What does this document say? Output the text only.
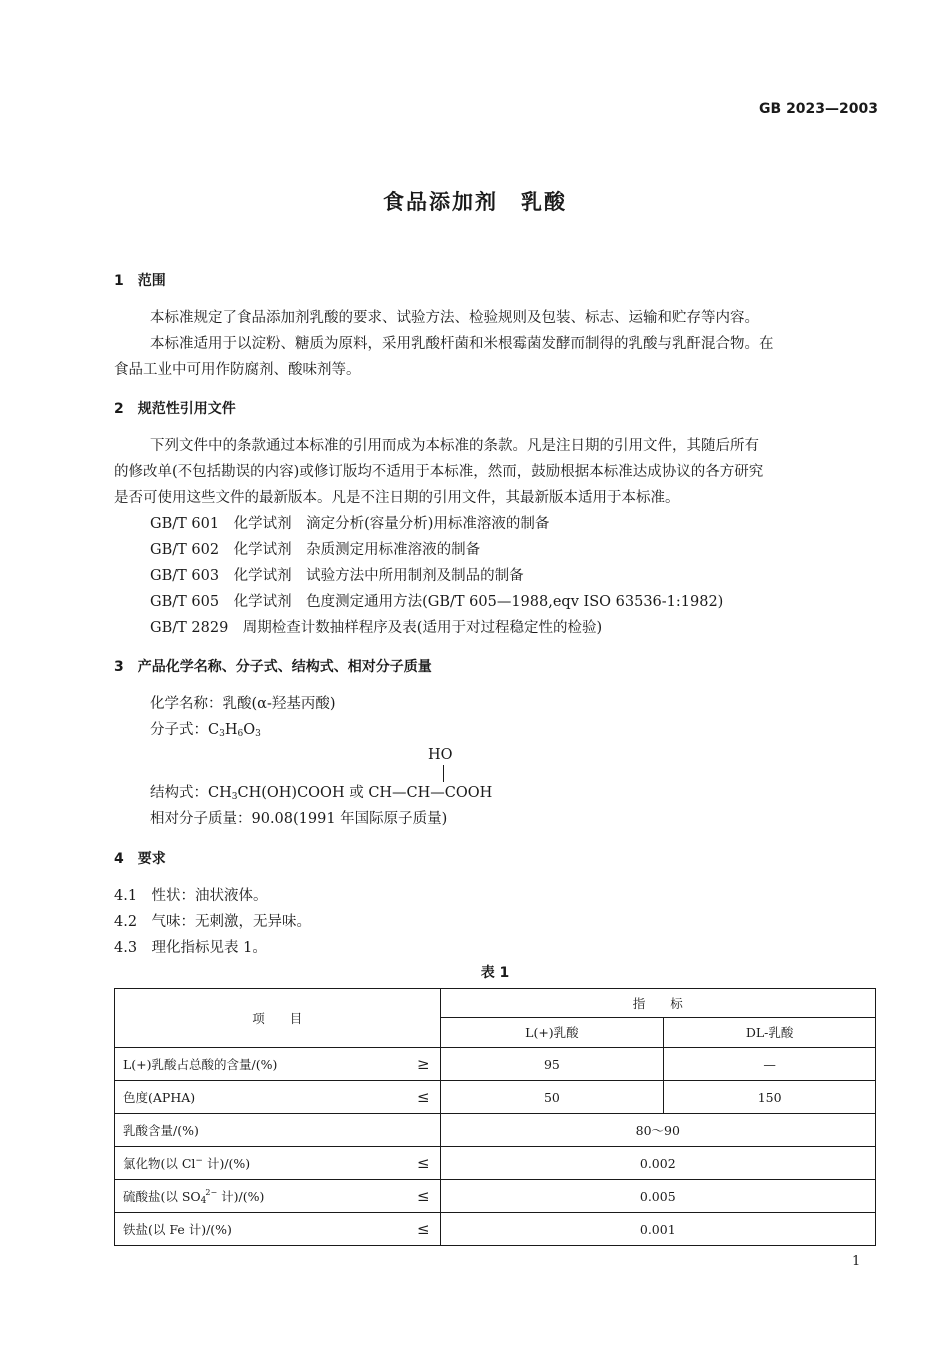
GB 2023—2003
食品添加剂　乳酸
1　范围
本标准规定了食品添加剂乳酸的要求、试验方法、检验规则及包装、标志、运输和贮存等内容。
本标准适用于以淀粉、糖质为原料，采用乳酸杆菌和米根霉菌发酵而制得的乳酸与乳酐混合物。在
食品工业中可用作防腐剂、酸味剂等。
2　规范性引用文件
下列文件中的条款通过本标准的引用而成为本标准的条款。凡是注日期的引用文件，其随后所有
的修改单(不包括勘误的内容)或修订版均不适用于本标准，然而，鼓励根据本标准达成协议的各方研究
是否可使用这些文件的最新版本。凡是不注日期的引用文件，其最新版本适用于本标准。
GB/T 601　化学试剂　滴定分析(容量分析)用标准溶液的制备
GB/T 602　化学试剂　杂质测定用标准溶液的制备
GB/T 603　化学试剂　试验方法中所用制剂及制品的制备
GB/T 605　化学试剂　色度测定通用方法(GB/T 605—1988,eqv ISO 63536-1:1982)
GB/T 2829　周期检查计数抽样程序及表(适用于对过程稳定性的检验)
3　产品化学名称、分子式、结构式、相对分子质量
化学名称：乳酸(α-羟基丙酸)
分子式：$C_3H_6O_3$
HO
结构式：$CH_3CH(OH)COOH$ 或 CH—CH—COOH
相对分子质量：90.08(1991 年国际原子质量)
4　要求
4.1　性状：油状液体。
4.2　气味：无刺激，无异味。
4.3　理化指标见表 1。
表 1
项　　目	指　　标	
	L(+)乳酸	DL-乳酸
L(+)乳酸占总酸的含量/(%) ≥	95	—
色度(APHA) ≤	50	150
乳酸含量/(%)	80～90	
氯化物(以 Cl− 计)/(%) ≤	0.002	
硫酸盐(以 $SO_4^{2-}$ 计)/(%) ≤	0.005	
铁盐(以 Fe 计)/(%) ≤	0.001	
1
